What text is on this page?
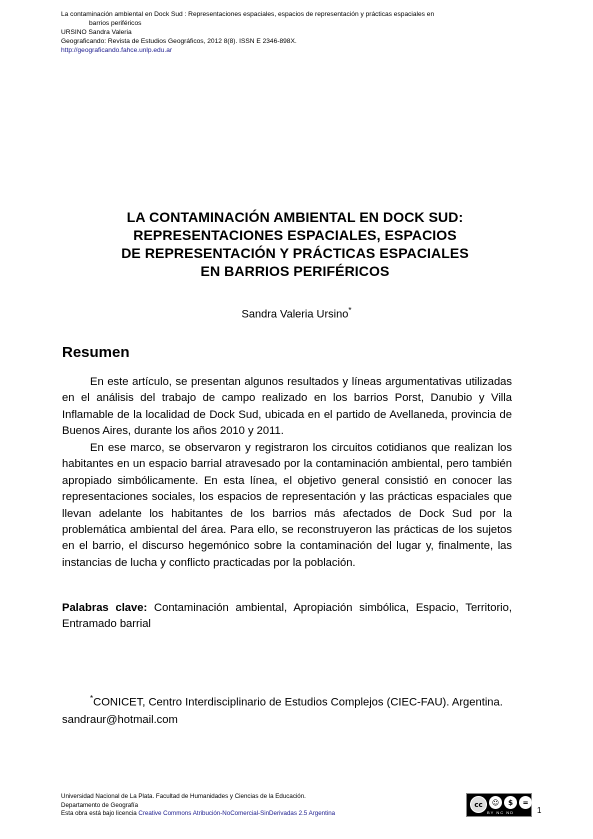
La contaminación ambiental en Dock Sud : Representaciones espaciales, espacios de representación y prácticas espaciales en
barrios periféricos
URSINO Sandra Valeria
Geograficando: Revista de Estudios Geográficos, 2012 8(8). ISSN E 2346-898X.
http://geograficando.fahce.unlp.edu.ar
LA CONTAMINACIÓN AMBIENTAL EN DOCK SUD:
REPRESENTACIONES ESPACIALES, ESPACIOS
DE REPRESENTACIÓN Y PRÁCTICAS ESPACIALES
EN BARRIOS PERIFÉRICOS
Sandra Valeria Ursino*
Resumen
En este artículo, se presentan algunos resultados y líneas argumentativas utilizadas en el análisis del trabajo de campo realizado en los barrios Porst, Danubio y Villa Inflamable de la localidad de Dock Sud, ubicada en el partido de Avellaneda, provincia de Buenos Aires, durante los años 2010 y 2011.
En ese marco, se observaron y registraron los circuitos cotidianos que realizan los habitantes en un espacio barrial atravesado por la contaminación ambiental, pero también apropiado simbólicamente. En esta línea, el objetivo general consistió en conocer las representaciones sociales, los espacios de representación y las prácticas espaciales que llevan adelante los habitantes de los barrios más afectados de Dock Sud por la problemática ambiental del área. Para ello, se reconstruyeron las prácticas de los sujetos en el barrio, el discurso hegemónico sobre la contaminación del lugar y, finalmente, las instancias de lucha y conflicto practicadas por la población.
Palabras clave: Contaminación ambiental, Apropiación simbólica, Espacio, Territorio, Entramado barrial
*CONICET, Centro Interdisciplinario de Estudios Complejos (CIEC-FAU). Argentina. sandraur@hotmail.com
Universidad Nacional de La Plata. Facultad de Humanidades y Ciencias de la Educación.
Departamento de Geografía
Esta obra está bajo licencia Creative Commons Atribución-NoComercial-SinDerivadas 2.5 Argentina
cc	☺	$	=
BY NC ND	1
